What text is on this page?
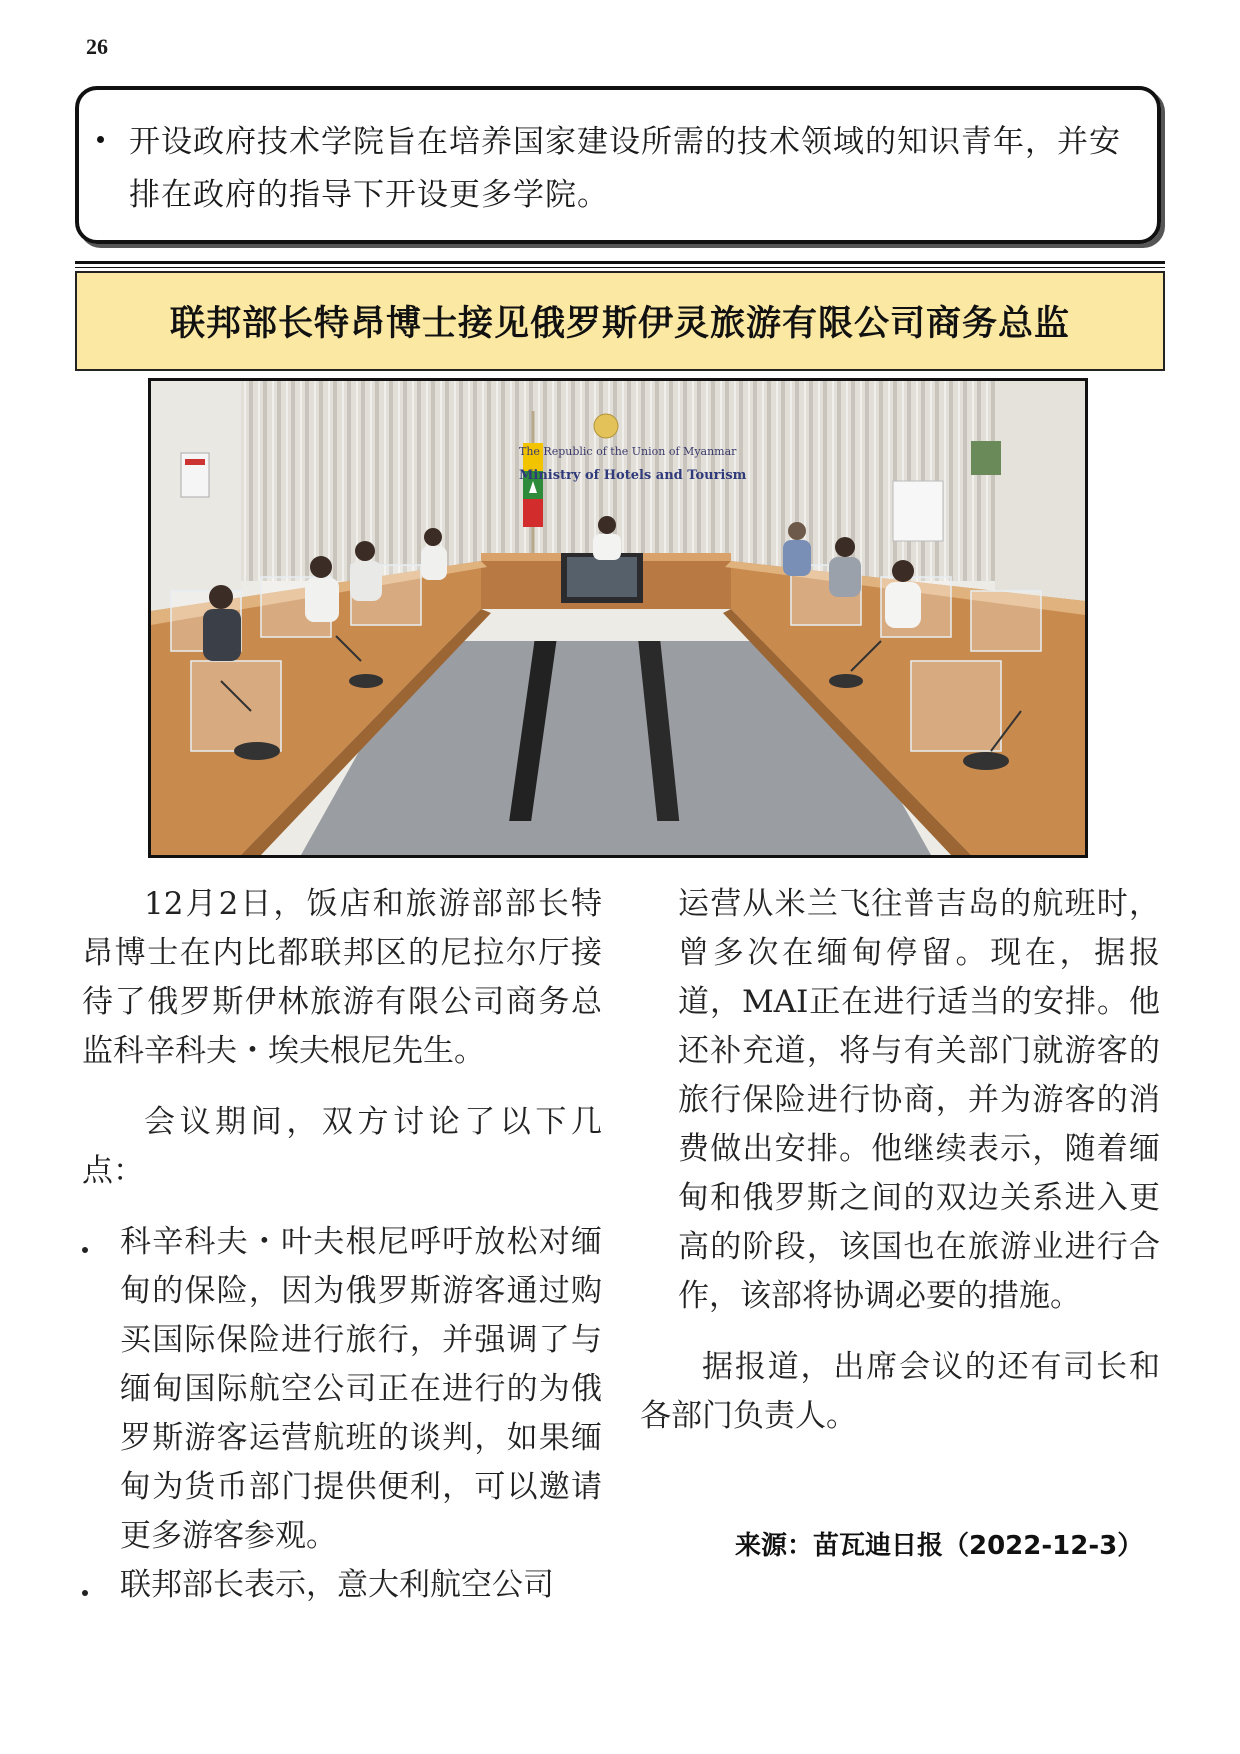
26
开设政府技术学院旨在培养国家建设所需的技术领域的知识青年，并安排在政府的指导下开设更多学院。
联邦部长特昂博士接见俄罗斯伊灵旅游有限公司商务总监
The Republic of the Union of Myanmar
Ministry of Hotels and Tourism

12月2日，饭店和旅游部部长特昂博士在内比都联邦区的尼拉尔厅接待了俄罗斯伊林旅游有限公司商务总监科辛科夫・埃夫根尼先生。

会议期间，双方讨论了以下几点：

科辛科夫・叶夫根尼呼吁放松对缅甸的保险，因为俄罗斯游客通过购买国际保险进行旅行，并强调了与缅甸国际航空公司正在进行的为俄罗斯游客运营航班的谈判，如果缅甸为货币部门提供便利，可以邀请更多游客参观。
联邦部长表示，意大利航空公司

运营从米兰飞往普吉岛的航班时，曾多次在缅甸停留。现在，据报道，MAI正在进行适当的安排。他还补充道，将与有关部门就游客的旅行保险进行协商，并为游客的消费做出安排。他继续表示，随着缅甸和俄罗斯之间的双边关系进入更高的阶段，该国也在旅游业进行合作，该部将协调必要的措施。

据报道，出席会议的还有司长和各部门负责人。

来源：苗瓦迪日报（2022-12-3）
